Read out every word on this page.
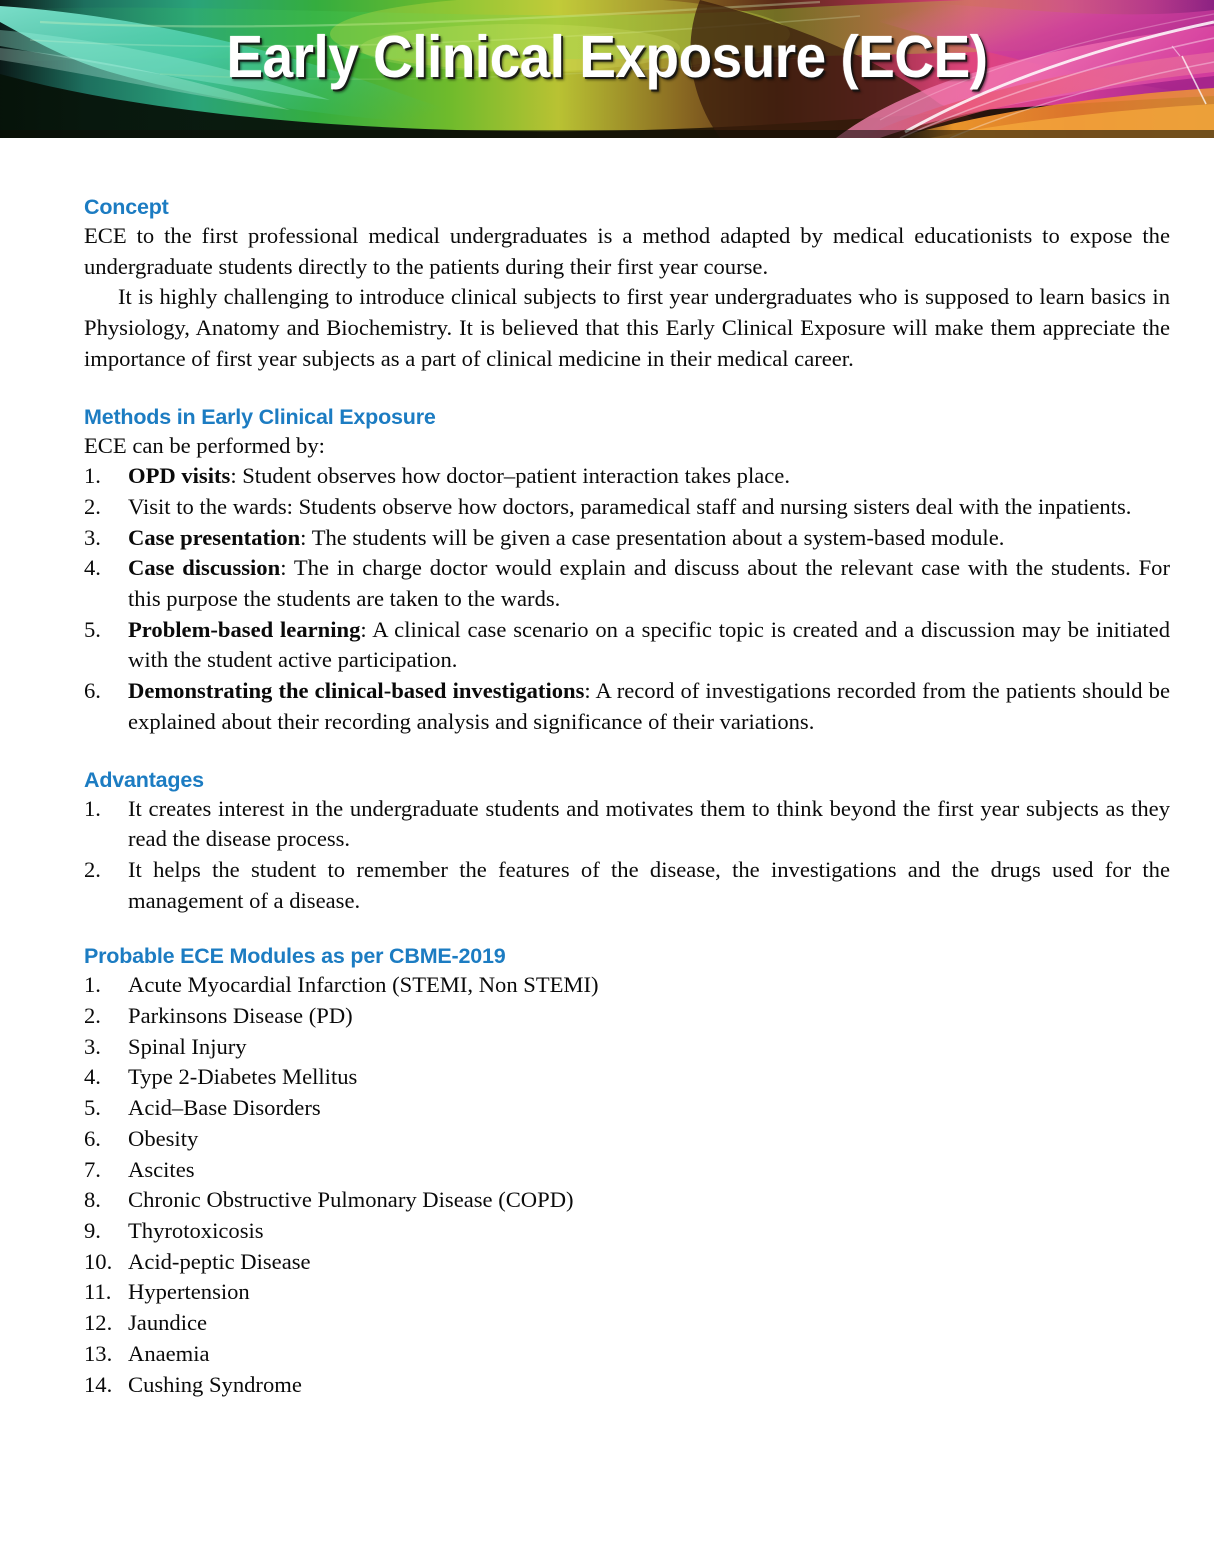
Early Clinical Exposure (ECE)
Concept

ECE to the first professional medical undergraduates is a method adapted by medical educationists to expose the undergraduate students directly to the patients during their first year course.

It is highly challenging to introduce clinical subjects to first year undergraduates who is supposed to learn basics in Physiology, Anatomy and Biochemistry. It is believed that this Early Clinical Exposure will make them appreciate the importance of first year subjects as a part of clinical medicine in their medical career.

Methods in Early Clinical Exposure

ECE can be performed by:

1.	OPD visits: Student observes how doctor–patient interaction takes place.
2.	Visit to the wards: Students observe how doctors, paramedical staff and nursing sisters deal with the inpatients.
3.	Case presentation: The students will be given a case presentation about a system-based module.
4.	Case discussion: The in charge doctor would explain and discuss about the relevant case with the students. For this purpose the students are taken to the wards.
5.	Problem-based learning: A clinical case scenario on a specific topic is created and a discussion may be initiated with the student active participation.
6.	Demonstrating the clinical-based investigations: A record of investigations recorded from the patients should be explained about their recording analysis and significance of their variations.
Advantages
1.	It creates interest in the undergraduate students and motivates them to think beyond the first year subjects as they read the disease process.
2.	It helps the student to remember the features of the disease, the investigations and the drugs used for the management of a disease.
Probable ECE Modules as per CBME-2019
1.	Acute Myocardial Infarction (STEMI, Non STEMI)
2.	Parkinsons Disease (PD)
3.	Spinal Injury
4.	Type 2-Diabetes Mellitus
5.	Acid–Base Disorders
6.	Obesity
7.	Ascites
8.	Chronic Obstructive Pulmonary Disease (COPD)
9.	Thyrotoxicosis
10. Acid-peptic Disease
11. Hypertension
12. Jaundice
13. Anaemia
14. Cushing Syndrome
